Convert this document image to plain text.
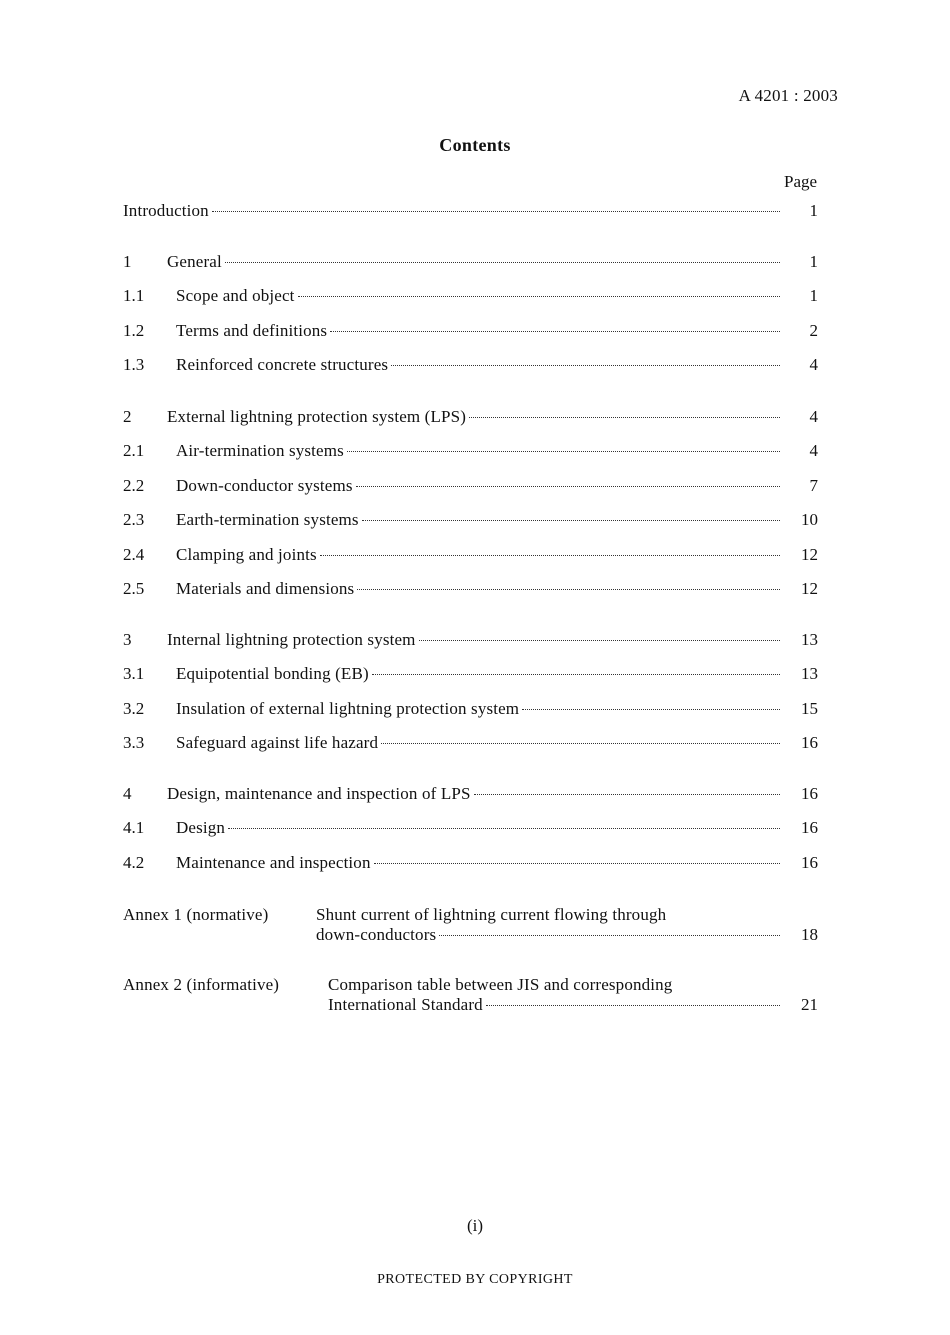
A 4201 : 2003
Contents
Page
Introduction	1
1 General	1
1.1 Scope and object	1
1.2 Terms and definitions	2
1.3 Reinforced concrete structures	4
2 External lightning protection system (LPS)	4
2.1 Air-termination systems	4
2.2 Down-conductor systems	7
2.3 Earth-termination systems	10
2.4 Clamping and joints	12
2.5 Materials and dimensions	12
3 Internal lightning protection system	13
3.1 Equipotential bonding (EB)	13
3.2 Insulation of external lightning protection system	15
3.3 Safeguard against life hazard	16
4 Design, maintenance and inspection of LPS	16
4.1 Design	16
4.2 Maintenance and inspection	16
Annex 1 (normative)	Shunt current of lightning current flowing through
down-conductors	18
Annex 2 (informative)	Comparison table between JIS and corresponding
International Standard	21
(i)
PROTECTED BY COPYRIGHT
